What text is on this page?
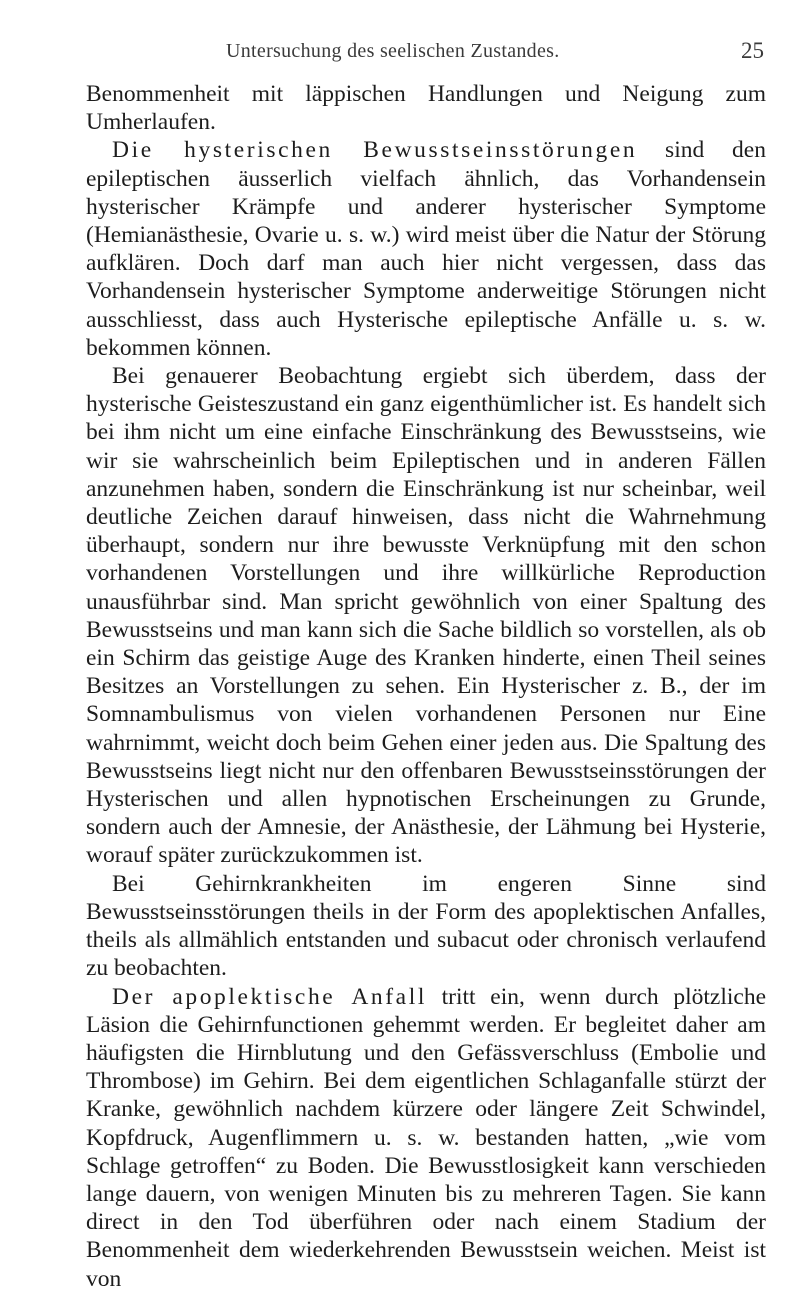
Untersuchung des seelischen Zustandes.	25

Benommenheit mit läppischen Handlungen und Neigung zum Umherlaufen.

Die hysterischen Bewusstseinsstörungen sind den epileptischen äusserlich vielfach ähnlich, das Vorhandensein hysterischer Krämpfe und anderer hysterischer Symptome (Hemianästhesie, Ovarie u. s. w.) wird meist über die Natur der Störung aufklären. Doch darf man auch hier nicht vergessen, dass das Vorhandensein hysterischer Symptome anderweitige Störungen nicht ausschliesst, dass auch Hysterische epileptische Anfälle u. s. w. bekommen können.

Bei genauerer Beobachtung ergiebt sich überdem, dass der hysterische Geisteszustand ein ganz eigenthümlicher ist. Es handelt sich bei ihm nicht um eine einfache Einschränkung des Bewusstseins, wie wir sie wahrscheinlich beim Epileptischen und in anderen Fällen anzunehmen haben, sondern die Einschränkung ist nur scheinbar, weil deutliche Zeichen darauf hinweisen, dass nicht die Wahrnehmung überhaupt, sondern nur ihre bewusste Verknüpfung mit den schon vorhandenen Vorstellungen und ihre willkürliche Reproduction unausführbar sind. Man spricht gewöhnlich von einer Spaltung des Bewusstseins und man kann sich die Sache bildlich so vorstellen, als ob ein Schirm das geistige Auge des Kranken hinderte, einen Theil seines Besitzes an Vorstellungen zu sehen. Ein Hysterischer z. B., der im Somnambulismus von vielen vorhandenen Personen nur Eine wahrnimmt, weicht doch beim Gehen einer jeden aus. Die Spaltung des Bewusstseins liegt nicht nur den offenbaren Bewusstseinsstörungen der Hysterischen und allen hypnotischen Erscheinungen zu Grunde, sondern auch der Amnesie, der Anästhesie, der Lähmung bei Hysterie, worauf später zurückzukommen ist.

Bei Gehirnkrankheiten im engeren Sinne sind Bewusstseinsstörungen theils in der Form des apoplektischen Anfalles, theils als allmählich entstanden und subacut oder chronisch verlaufend zu beobachten.

Der apoplektische Anfall tritt ein, wenn durch plötzliche Läsion die Gehirnfunctionen gehemmt werden. Er begleitet daher am häufigsten die Hirnblutung und den Gefässverschluss (Embolie und Thrombose) im Gehirn. Bei dem eigentlichen Schlaganfalle stürzt der Kranke, gewöhnlich nachdem kürzere oder längere Zeit Schwindel, Kopfdruck, Augenflimmern u. s. w. bestanden hatten, „wie vom Schlage getroffen“ zu Boden. Die Bewusstlosigkeit kann verschieden lange dauern, von wenigen Minuten bis zu mehreren Tagen. Sie kann direct in den Tod überführen oder nach einem Stadium der Benommenheit dem wiederkehrenden Bewusstsein weichen. Meist ist von
